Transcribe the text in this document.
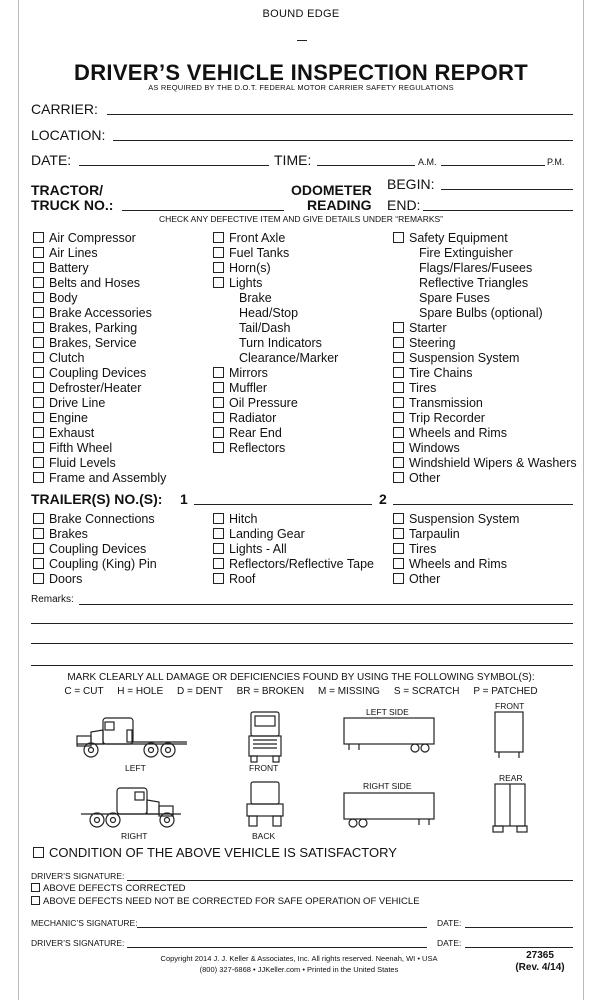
BOUND EDGE
DRIVER’S VEHICLE INSPECTION REPORT
AS REQUIRED BY THE D.O.T. FEDERAL MOTOR CARRIER SAFETY REGULATIONS
CARRIER:
LOCATION:
DATE:	TIME:	A.M.	P.M.
TRACTOR/
TRUCK NO.:
ODOMETER
READING
BEGIN:
END:
CHECK ANY DEFECTIVE ITEM AND GIVE DETAILS UNDER “REMARKS”
Air Compressor
Air Lines
Battery
Belts and Hoses
Body
Brake Accessories
Brakes, Parking
Brakes, Service
Clutch
Coupling Devices
Defroster/Heater
Drive Line
Engine
Exhaust
Fifth Wheel
Fluid Levels
Frame and Assembly
Front Axle
Fuel Tanks
Horn(s)
Lights
Brake
Head/Stop
Tail/Dash
Turn Indicators
Clearance/Marker
Mirrors
Muffler
Oil Pressure
Radiator
Rear End
Reflectors
Safety Equipment
Fire Extinguisher
Flags/Flares/Fusees
Reflective Triangles
Spare Fuses
Spare Bulbs (optional)
Starter
Steering
Suspension System
Tire Chains
Tires
Transmission
Trip Recorder
Wheels and Rims
Windows
Windshield Wipers & Washers
Other
TRAILER(S) NO.(S): 1	2
Brake Connections
Brakes
Coupling Devices
Coupling (King) Pin
Doors
Hitch
Landing Gear
Lights - All
Reflectors/Reflective Tape
Roof
Suspension System
Tarpaulin
Tires
Wheels and Rims
Other
Remarks:
MARK CLEARLY ALL DAMAGE OR DEFICIENCIES FOUND BY USING THE FOLLOWING SYMBOL(S):
C = CUT     H = HOLE     D = DENT     BR = BROKEN     M = MISSING     S = SCRATCH     P = PATCHED
LEFT	FRONT
LEFT SIDE
FRONT
RIGHT	BACK
RIGHT SIDE
REAR
CONDITION OF THE ABOVE VEHICLE IS SATISFACTORY
DRIVER’S SIGNATURE:
ABOVE DEFECTS CORRECTED
ABOVE DEFECTS NEED NOT BE CORRECTED FOR SAFE OPERATION OF VEHICLE
MECHANIC’S SIGNATURE:	DATE:
DRIVER’S SIGNATURE:	DATE:
Copyright 2014 J. J. Keller & Associates, Inc. All rights reserved. Neenah, WI • USA
(800) 327-6868 • JJKeller.com • Printed in the United States
27365
(Rev. 4/14)
